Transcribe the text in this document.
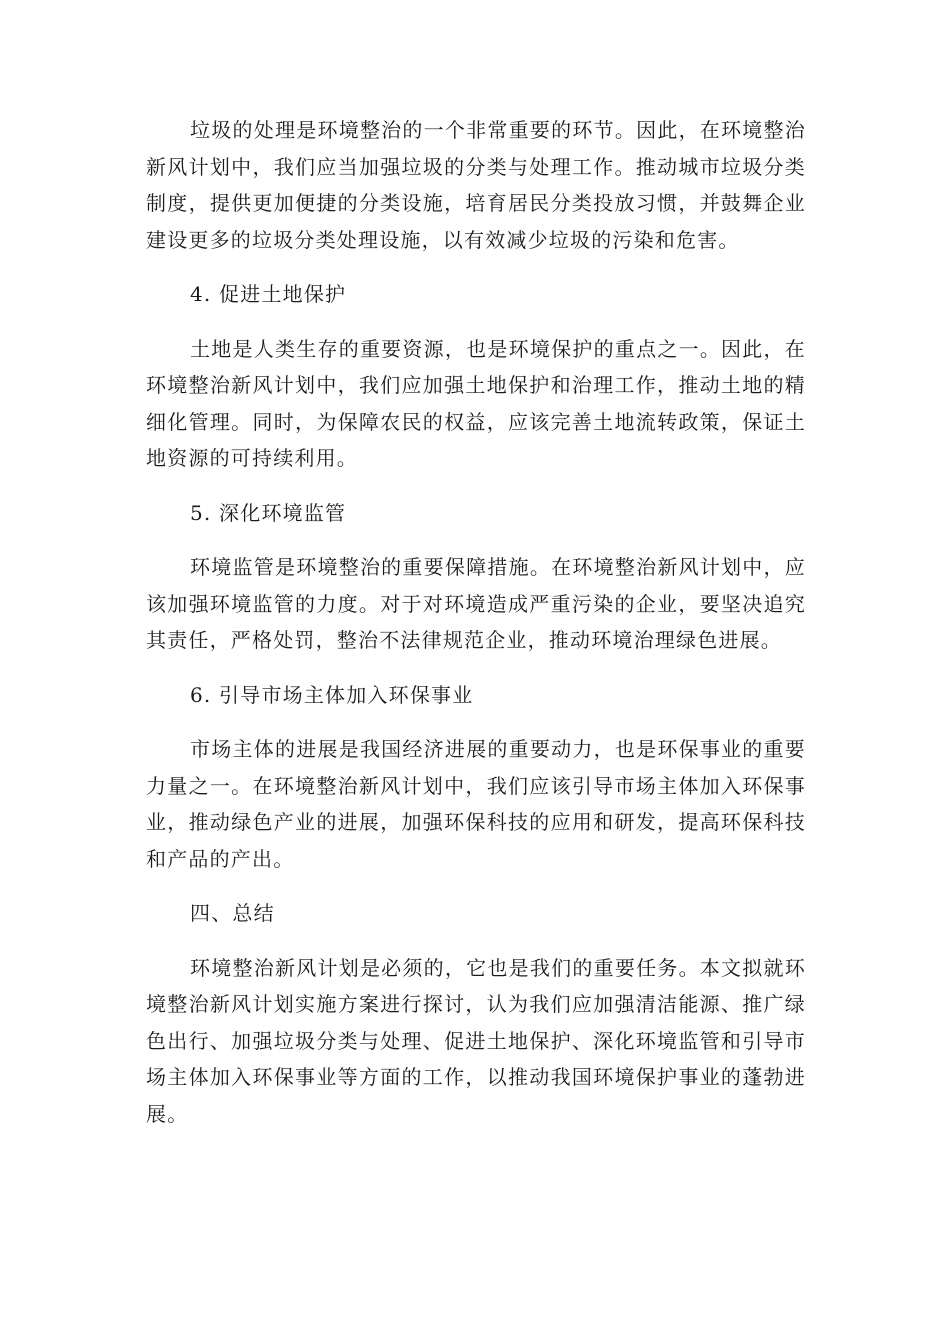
垃圾的处理是环境整治的一个非常重要的环节。因此，在环境整治新风计划中，我们应当加强垃圾的分类与处理工作。推动城市垃圾分类制度，提供更加便捷的分类设施，培育居民分类投放习惯，并鼓舞企业建设更多的垃圾分类处理设施，以有效减少垃圾的污染和危害。

4. 促进土地保护

土地是人类生存的重要资源，也是环境保护的重点之一。因此，在环境整治新风计划中，我们应加强土地保护和治理工作，推动土地的精细化管理。同时，为保障农民的权益，应该完善土地流转政策，保证土地资源的可持续利用。

5. 深化环境监管

环境监管是环境整治的重要保障措施。在环境整治新风计划中，应该加强环境监管的力度。对于对环境造成严重污染的企业，要坚决追究其责任，严格处罚，整治不法律规范企业，推动环境治理绿色进展。

6. 引导市场主体加入环保事业

市场主体的进展是我国经济进展的重要动力，也是环保事业的重要力量之一。在环境整治新风计划中，我们应该引导市场主体加入环保事业，推动绿色产业的进展，加强环保科技的应用和研发，提高环保科技和产品的产出。

四、总结

环境整治新风计划是必须的，它也是我们的重要任务。本文拟就环境整治新风计划实施方案进行探讨，认为我们应加强清洁能源、推广绿色出行、加强垃圾分类与处理、促进土地保护、深化环境监管和引导市场主体加入环保事业等方面的工作，以推动我国环境保护事业的蓬勃进展。
